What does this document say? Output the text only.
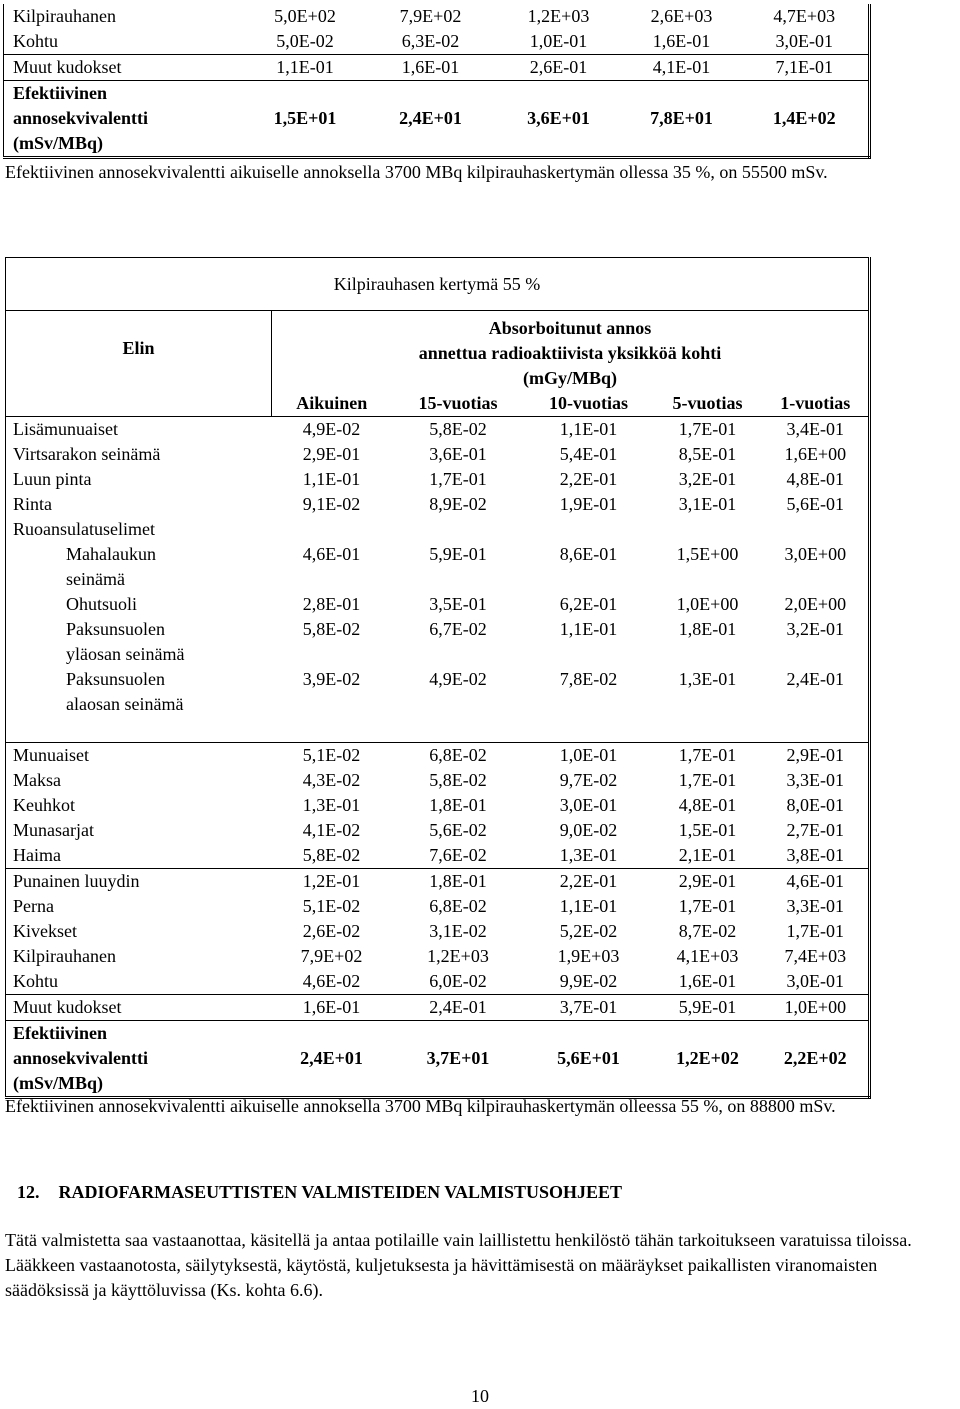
Kilpirauhanen	5,0E+02	7,9E+02	1,2E+03	2,6E+03	4,7E+03
Kohtu	5,0E-02	6,3E-02	1,0E-01	1,6E-01	3,0E-01
Muut kudokset	1,1E-01	1,6E-01	2,6E-01	4,1E-01	7,1E-01

Efektiivinen
annosekvivalentti
(mSv/MBq)	1,5E+01	2,4E+01	3,6E+01	7,8E+01	1,4E+02
Efektiivinen annosekvivalentti aikuiselle annoksella 3700 MBq kilpirauhaskertymän ollessa 35 %, on 55500 mSv.
Kilpirauhasen kertymä 55 %					
Elin	Absorboitunut annos
annettua radioaktiivista yksikköä kohti
(mGy/MBq)				

	Aikuinen	15-vuotias	10-vuotias	5-vuotias	1-vuotias

Lisämunuaiset	4,9E-02	5,8E-02	1,1E-01	1,7E-01	3,4E-01
Virtsarakon seinämä	2,9E-01	3,6E-01	5,4E-01	8,5E-01	1,6E+00
Luun pinta	1,1E-01	1,7E-01	2,2E-01	3,2E-01	4,8E-01
Rinta	9,1E-02	8,9E-02	1,9E-01	3,1E-01	5,6E-01
Ruoansulatuselimet					

Mahalaukun
seinämä	4,6E-01	5,9E-01	8,6E-01	1,5E+00	3,0E+00
Ohutsuoli	2,8E-01	3,5E-01	6,2E-01	1,0E+00	2,0E+00

Paksunsuolen
yläosan seinämä	5,8E-02	6,7E-02	1,1E-01	1,8E-01	3,2E-01

Paksunsuolen
alaosan seinämä	3,9E-02	4,9E-02	7,8E-02	1,3E-01	2,4E-01
Munuaiset	5,1E-02	6,8E-02	1,0E-01	1,7E-01	2,9E-01
Maksa	4,3E-02	5,8E-02	9,7E-02	1,7E-01	3,3E-01
Keuhkot	1,3E-01	1,8E-01	3,0E-01	4,8E-01	8,0E-01
Munasarjat	4,1E-02	5,6E-02	9,0E-02	1,5E-01	2,7E-01
Haima	5,8E-02	7,6E-02	1,3E-01	2,1E-01	3,8E-01
Punainen luuydin	1,2E-01	1,8E-01	2,2E-01	2,9E-01	4,6E-01
Perna	5,1E-02	6,8E-02	1,1E-01	1,7E-01	3,3E-01
Kivekset	2,6E-02	3,1E-02	5,2E-02	8,7E-02	1,7E-01
Kilpirauhanen	7,9E+02	1,2E+03	1,9E+03	4,1E+03	7,4E+03
Kohtu	4,6E-02	6,0E-02	9,9E-02	1,6E-01	3,0E-01
Muut kudokset	1,6E-01	2,4E-01	3,7E-01	5,9E-01	1,0E+00

Efektiivinen
annosekvivalentti
(mSv/MBq)	2,4E+01	3,7E+01	5,6E+01	1,2E+02	2,2E+02
Efektiivinen annosekvivalentti aikuiselle annoksella 3700 MBq kilpirauhaskertymän olleessa 55 %, on 88800 mSv.
12. RADIOFARMASEUTTISTEN VALMISTEIDEN VALMISTUSOHJEET
Tätä valmistetta saa vastaanottaa, käsitellä ja antaa potilaille vain laillistettu henkilöstö tähän tarkoitukseen varatuissa tiloissa. Lääkkeen vastaanotosta, säilytyksestä, käytöstä, kuljetuksesta ja hävittämisestä on määräykset paikallisten viranomaisten säädöksissä ja käyttöluvissa (Ks. kohta 6.6).
10
